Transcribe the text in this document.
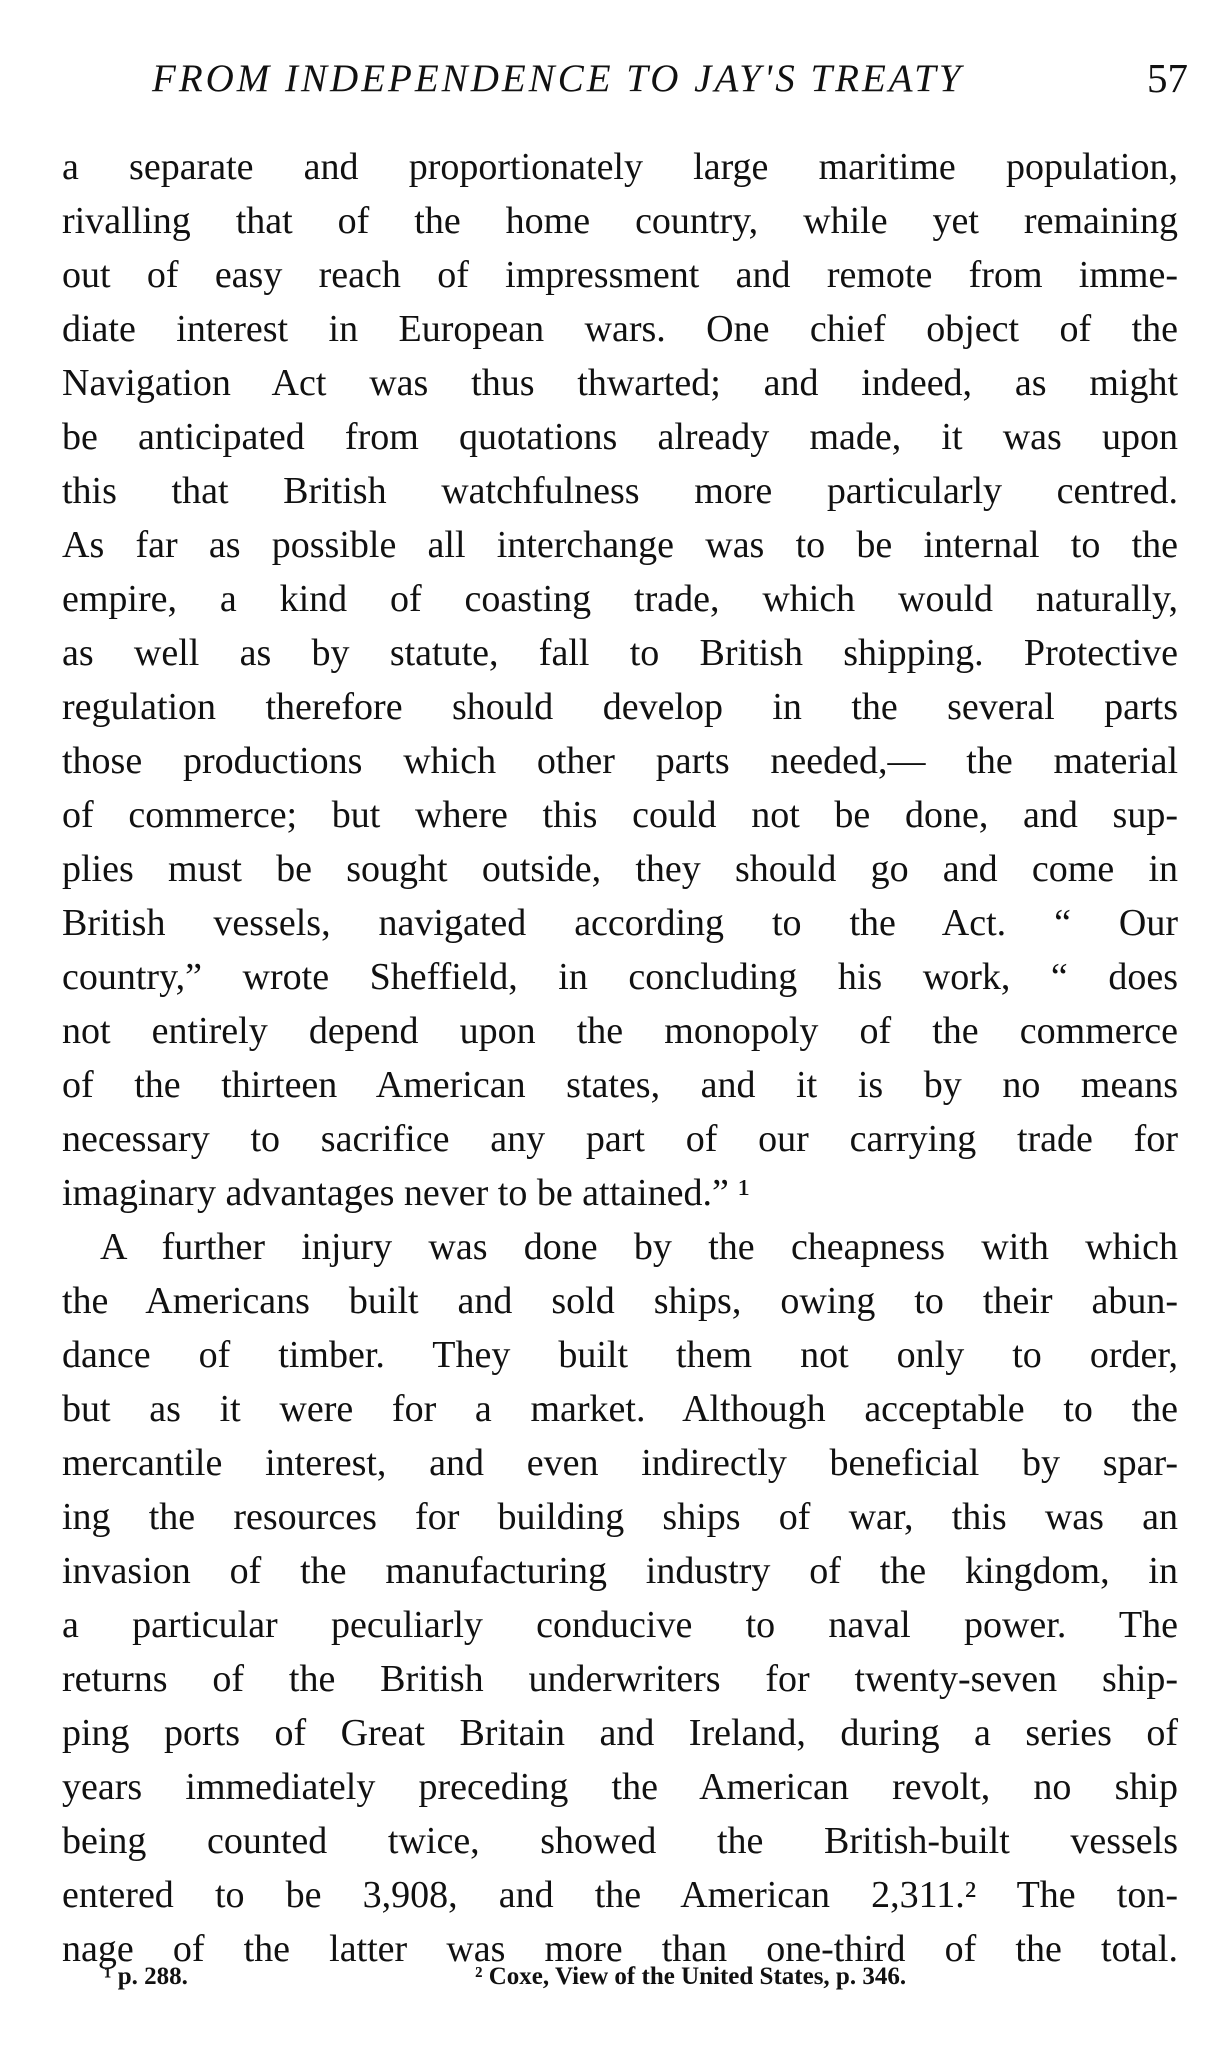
FROM INDEPENDENCE TO JAY'S TREATY	57
a separate and proportionately large maritime population,
rivalling that of the home country, while yet remaining
out of easy reach of impressment and remote from imme-
diate interest in European wars. One chief object of the
Navigation Act was thus thwarted; and indeed, as might
be anticipated from quotations already made, it was upon
this that British watchfulness more particularly centred.
As far as possible all interchange was to be internal to the
empire, a kind of coasting trade, which would naturally,
as well as by statute, fall to British shipping. Protective
regulation therefore should develop in the several parts
those productions which other parts needed,— the material
of commerce; but where this could not be done, and sup-
plies must be sought outside, they should go and come in
British vessels, navigated according to the Act. “ Our
country,” wrote Sheffield, in concluding his work, “ does
not entirely depend upon the monopoly of the commerce
of the thirteen American states, and it is by no means
necessary to sacrifice any part of our carrying trade for
imaginary advantages never to be attained.” ¹
A further injury was done by the cheapness with which
the Americans built and sold ships, owing to their abun-
dance of timber. They built them not only to order,
but as it were for a market. Although acceptable to the
mercantile interest, and even indirectly beneficial by spar-
ing the resources for building ships of war, this was an
invasion of the manufacturing industry of the kingdom, in
a particular peculiarly conducive to naval power. The
returns of the British underwriters for twenty-seven ship-
ping ports of Great Britain and Ireland, during a series of
years immediately preceding the American revolt, no ship
being counted twice, showed the British-built vessels
entered to be 3,908, and the American 2,311.² The ton-
nage of the latter was more than one-third of the total.
¹ p. 288.	² Coxe, View of the United States, p. 346.
